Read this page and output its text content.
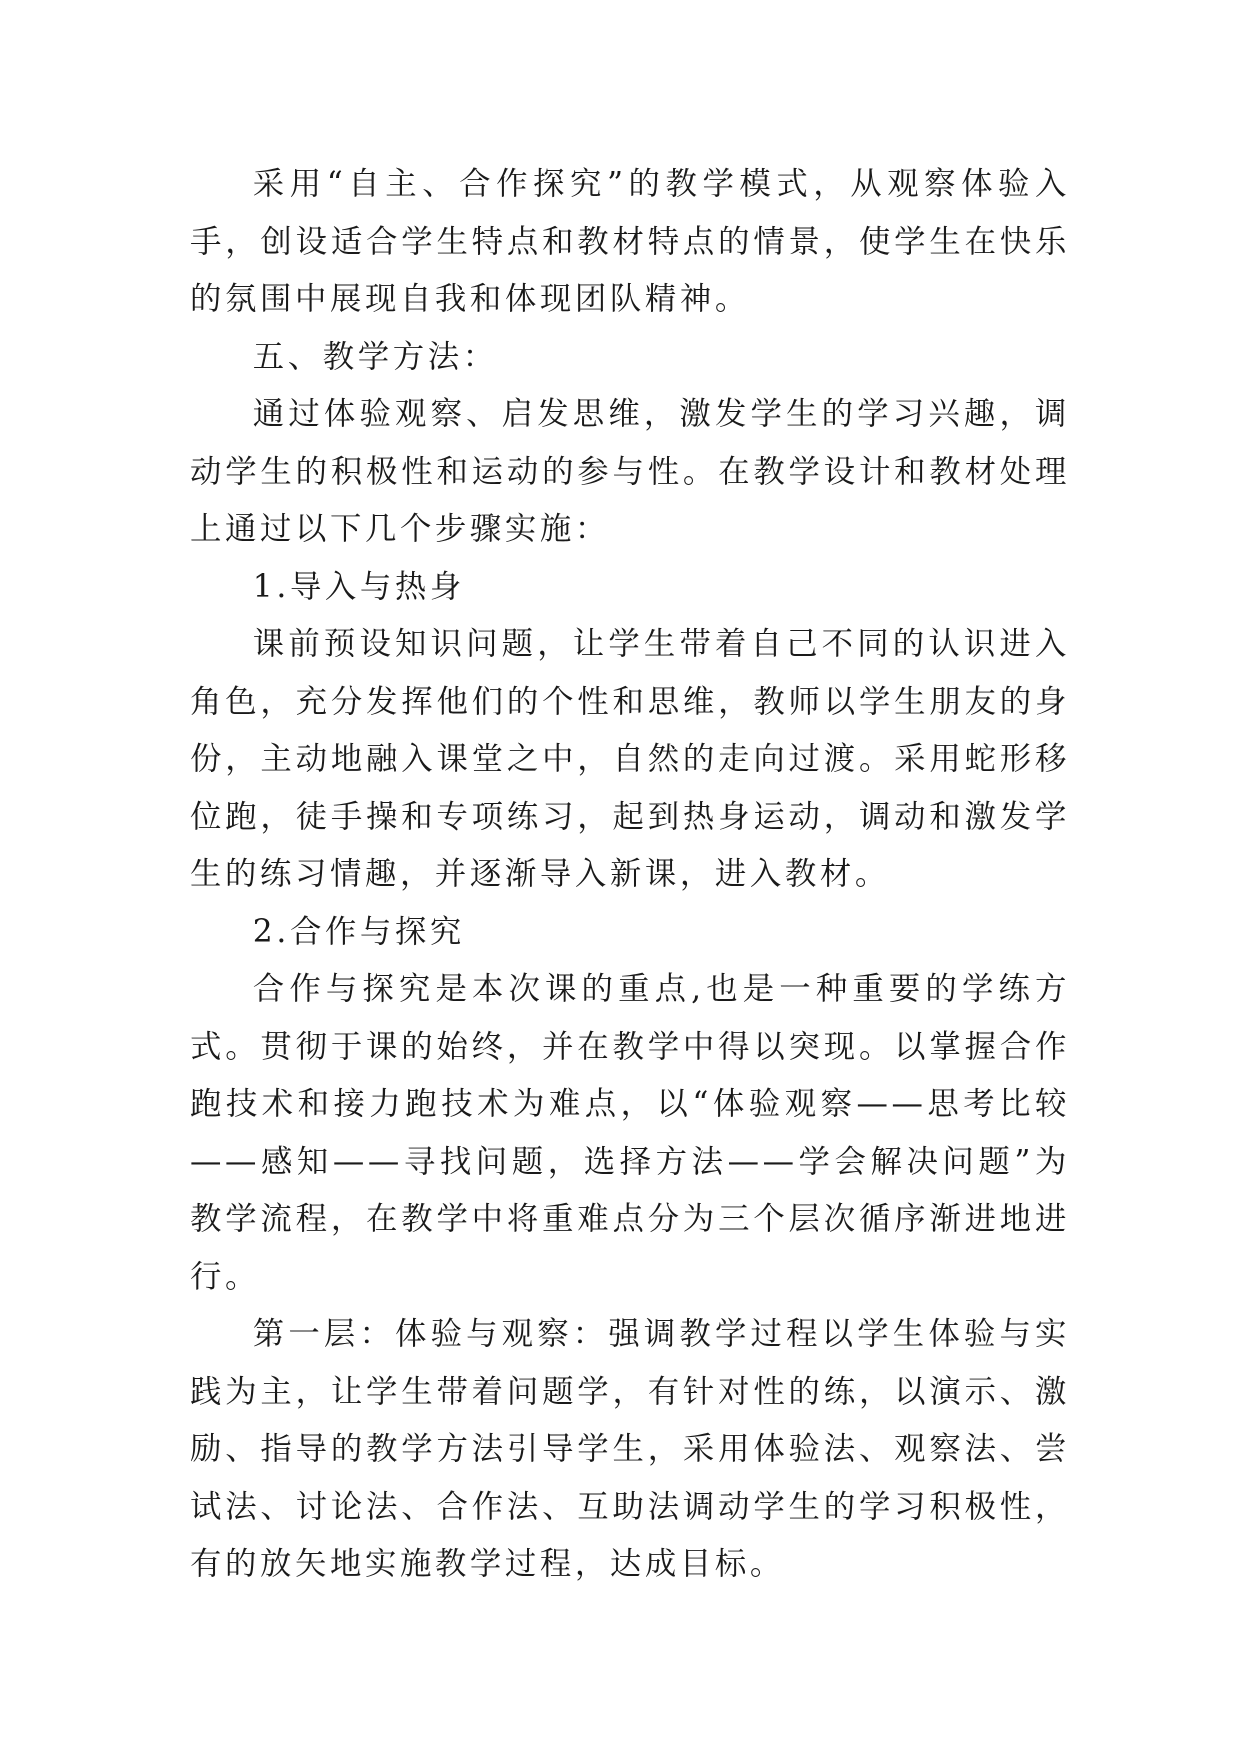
采用“自主、合作探究”的教学模式，从观察体验入手，创设适合学生特点和教材特点的情景，使学生在快乐的氛围中展现自我和体现团队精神。

五、教学方法：

通过体验观察、启发思维，激发学生的学习兴趣，调动学生的积极性和运动的参与性。在教学设计和教材处理上通过以下几个步骤实施：

1.导入与热身

课前预设知识问题，让学生带着自己不同的认识进入角色，充分发挥他们的个性和思维，教师以学生朋友的身份，主动地融入课堂之中，自然的走向过渡。采用蛇形移位跑，徒手操和专项练习，起到热身运动，调动和激发学生的练习情趣，并逐渐导入新课，进入教材。

2.合作与探究

合作与探究是本次课的重点,也是一种重要的学练方式。贯彻于课的始终，并在教学中得以突现。以掌握合作跑技术和接力跑技术为难点，以“体验观察——思考比较——感知——寻找问题，选择方法——学会解决问题”为教学流程，在教学中将重难点分为三个层次循序渐进地进行。

第一层：体验与观察：强调教学过程以学生体验与实践为主，让学生带着问题学，有针对性的练，以演示、激励、指导的教学方法引导学生，采用体验法、观察法、尝试法、讨论法、合作法、互助法调动学生的学习积极性，有的放矢地实施教学过程，达成目标。
